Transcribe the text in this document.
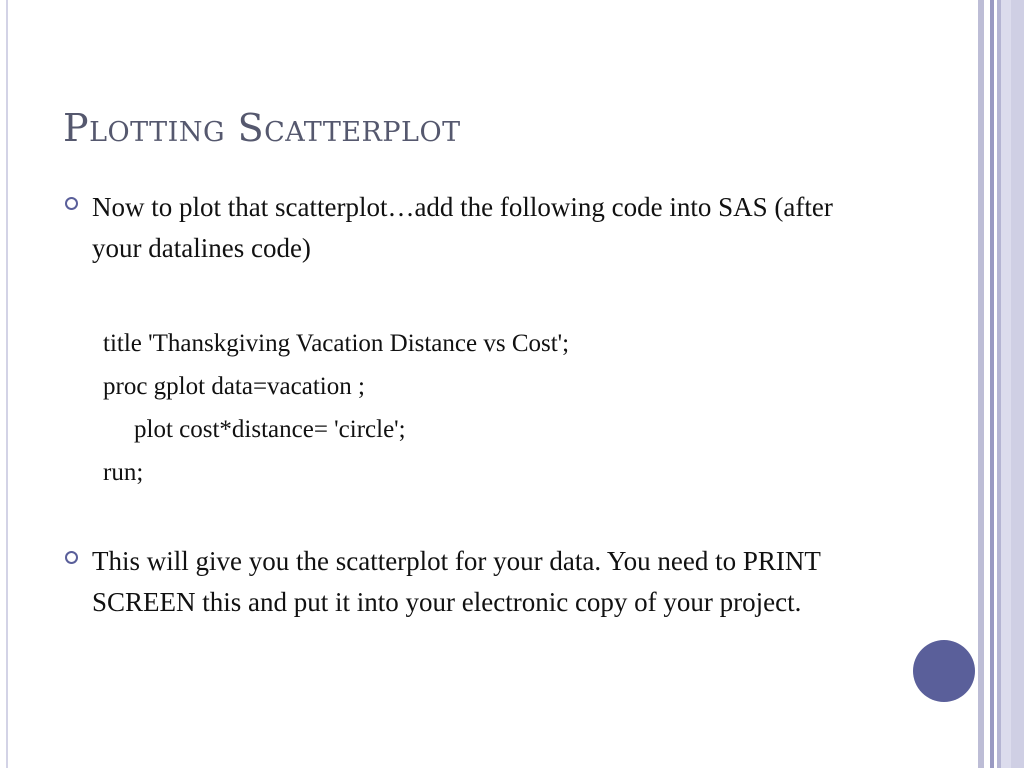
Plotting Scatterplot
Now to plot that scatterplot…add the following code into SAS (after your datalines code)
title 'Thanskgiving Vacation Distance vs Cost';
proc gplot data=vacation ;
plot cost*distance= 'circle';
run;
This will give you the scatterplot for your data. You need to PRINT SCREEN this and put it into your electronic copy of your project.
